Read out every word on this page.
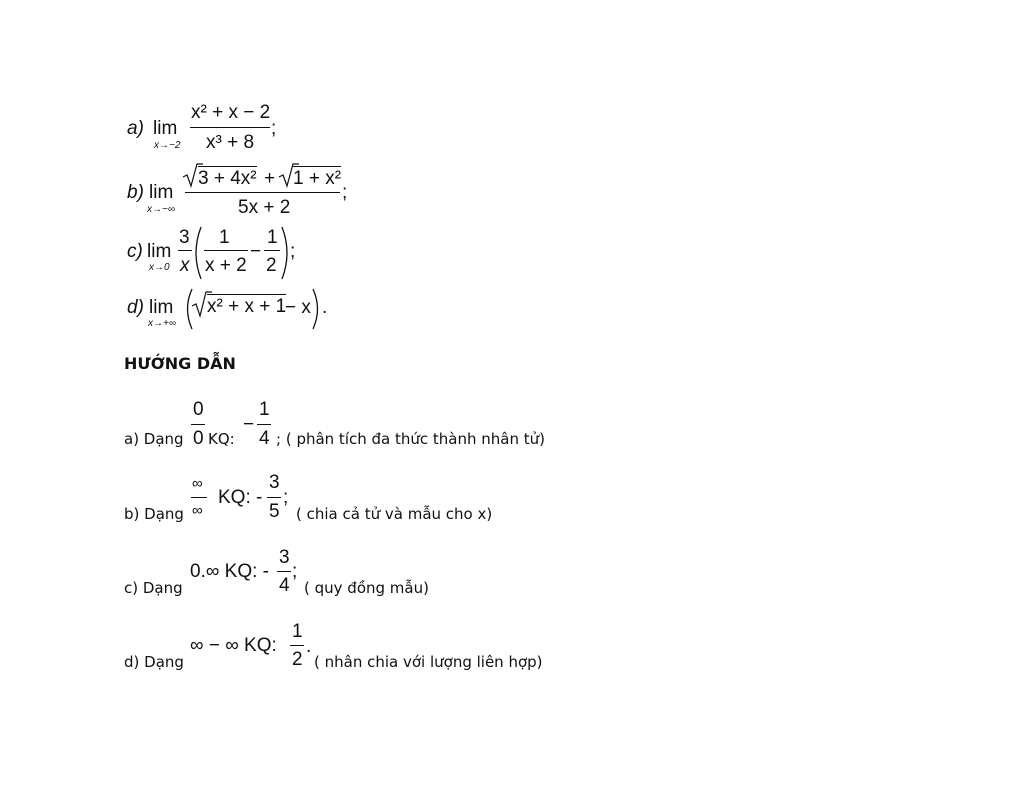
a) lim
x→−2
x² + x − 2
x³ + 8
;
b) lim
x→−∞
3 + 4x² + 1 + x²
5x + 2
;
c) lim
x→0
3
x
1
x + 2
−
1
2
;
d) lim
x→+∞
x² + x + 1
− x .
HƯỚNG DẪN
a) Dạng
0
0 KQ:
−
1
4 ; ( phân tích đa thức thành nhân tử)
b) Dạng
∞
∞
KQ: -
3
5
;
( chia cả tử và mẫu cho x)
c) Dạng
0.∞ KQ: -
3
4
;
( quy đồng mẫu)
d) Dạng
∞ − ∞ KQ:
1
2
.
( nhân chia với lượng liên hợp)
